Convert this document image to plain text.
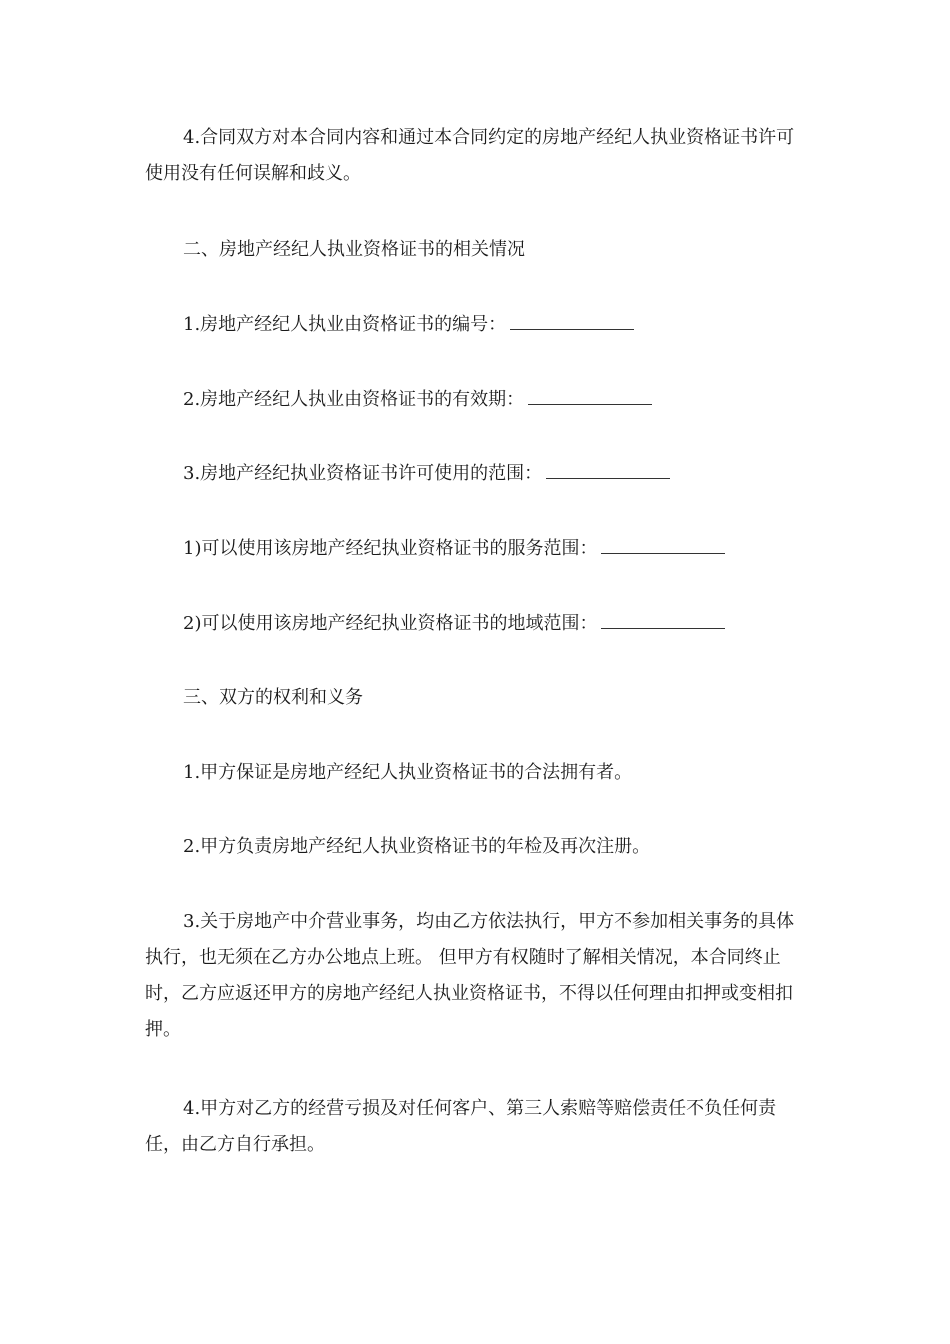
4.合同双方对本合同内容和通过本合同约定的房地产经纪人执业资格证书许可使用没有任何误解和歧义。

二、房地产经纪人执业资格证书的相关情况

1.房地产经纪人执业由资格证书的编号：
2.房地产经纪人执业由资格证书的有效期：
3.房地产经纪执业资格证书许可使用的范围：
1)可以使用该房地产经纪执业资格证书的服务范围：
2)可以使用该房地产经纪执业资格证书的地域范围：

三、双方的权利和义务

1.甲方保证是房地产经纪人执业资格证书的合法拥有者。

2.甲方负责房地产经纪人执业资格证书的年检及再次注册。

3.关于房地产中介营业事务，均由乙方依法执行，甲方不参加相关事务的具体执行，也无须在乙方办公地点上班。 但甲方有权随时了解相关情况，本合同终止时，乙方应返还甲方的房地产经纪人执业资格证书，不得以任何理由扣押或变相扣押。

4.甲方对乙方的经营亏损及对任何客户、第三人索赔等赔偿责任不负任何责任，由乙方自行承担。
